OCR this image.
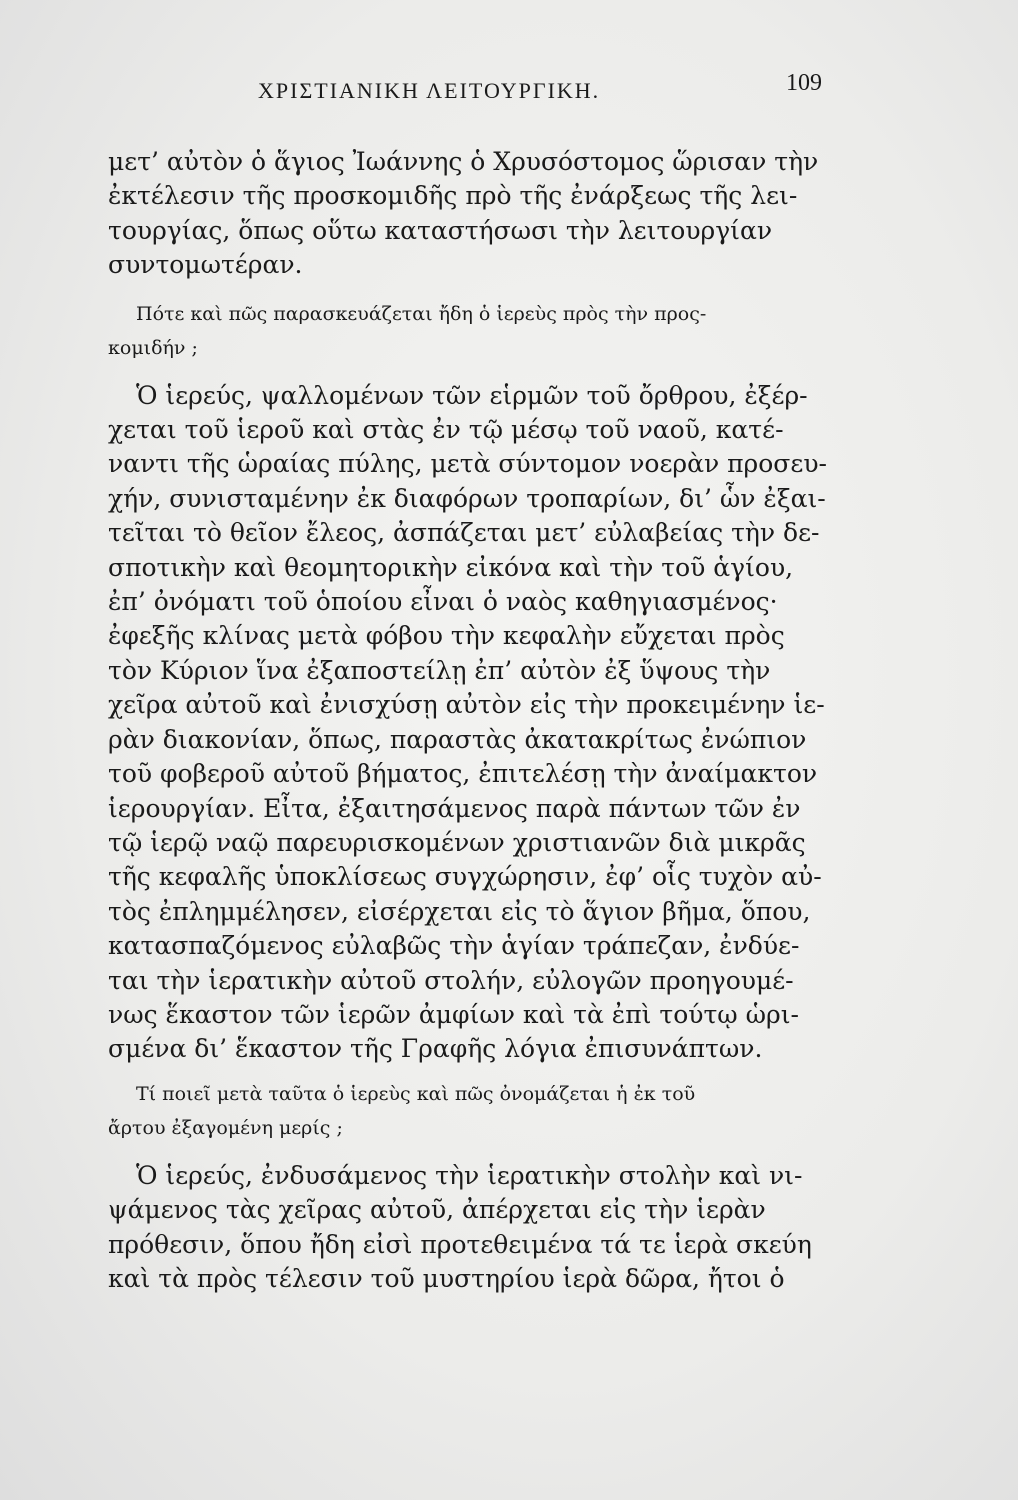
ΧΡΙΣΤΙΑΝΙΚΗ ΛΕΙΤΟΥΡΓΙΚΗ.	109
μετ’ αὐτὸν ὁ ἅγιος Ἰωάννης ὁ Χρυσόστομος ὥρισαν τὴν
ἐκτέλεσιν τῆς προσκομιδῆς πρὸ τῆς ἐνάρξεως τῆς λει-
τουργίας, ὅπως οὕτω καταστήσωσι τὴν λειτουργίαν
συντομωτέραν.
Πότε καὶ πῶς παρασκευάζεται ἤδη ὁ ἱερεὺς πρὸς τὴν προς-
κομιδήν ;
Ὁ ἱερεύς, ψαλλομένων τῶν εἱρμῶν τοῦ ὄρθρου, ἐξέρ-
χεται τοῦ ἱεροῦ καὶ στὰς ἐν τῷ μέσῳ τοῦ ναοῦ, κατέ-
ναντι τῆς ὡραίας πύλης, μετὰ σύντομον νοερὰν προσευ-
χήν, συνισταμένην ἐκ διαφόρων τροπαρίων, δι’ ὧν ἐξαι-
τεῖται τὸ θεῖον ἔλεος, ἀσπάζεται μετ’ εὐλαβείας τὴν δε-
σποτικὴν καὶ θεομητορικὴν εἰκόνα καὶ τὴν τοῦ ἁγίου,
ἐπ’ ὀνόματι τοῦ ὁποίου εἶναι ὁ ναὸς καθηγιασμένος·
ἐφεξῆς κλίνας μετὰ φόβου τὴν κεφαλὴν εὔχεται πρὸς
τὸν Κύριον ἵνα ἐξαποστείλῃ ἐπ’ αὐτὸν ἐξ ὕψους τὴν
χεῖρα αὐτοῦ καὶ ἐνισχύσῃ αὐτὸν εἰς τὴν προκειμένην ἱε-
ρὰν διακονίαν, ὅπως, παραστὰς ἀκατακρίτως ἐνώπιον
τοῦ φοβεροῦ αὐτοῦ βήματος, ἐπιτελέσῃ τὴν ἀναίμακτον
ἱερουργίαν. Εἶτα, ἐξαιτησάμενος παρὰ πάντων τῶν ἐν
τῷ ἱερῷ ναῷ παρευρισκομένων χριστιανῶν διὰ μικρᾶς
τῆς κεφαλῆς ὑποκλίσεως συγχώρησιν, ἐφ’ οἷς τυχὸν αὐ-
τὸς ἐπλημμέλησεν, εἰσέρχεται εἰς τὸ ἅγιον βῆμα, ὅπου,
κατασπαζόμενος εὐλαβῶς τὴν ἁγίαν τράπεζαν, ἐνδύε-
ται τὴν ἱερατικὴν αὐτοῦ στολήν, εὐλογῶν προηγουμέ-
νως ἕκαστον τῶν ἱερῶν ἀμφίων καὶ τὰ ἐπὶ τούτῳ ὡρι-
σμένα δι’ ἕκαστον τῆς Γραφῆς λόγια ἐπισυνάπτων.
Τί ποιεῖ μετὰ ταῦτα ὁ ἱερεὺς καὶ πῶς ὀνομάζεται ἡ ἐκ τοῦ
ἄρτου ἐξαγομένη μερίς ;
Ὁ ἱερεύς, ἐνδυσάμενος τὴν ἱερατικὴν στολὴν καὶ νι-
ψάμενος τὰς χεῖρας αὐτοῦ, ἀπέρχεται εἰς τὴν ἱερὰν
πρόθεσιν, ὅπου ἤδη εἰσὶ προτεθειμένα τά τε ἱερὰ σκεύη
καὶ τὰ πρὸς τέλεσιν τοῦ μυστηρίου ἱερὰ δῶρα, ἤτοι ὁ
